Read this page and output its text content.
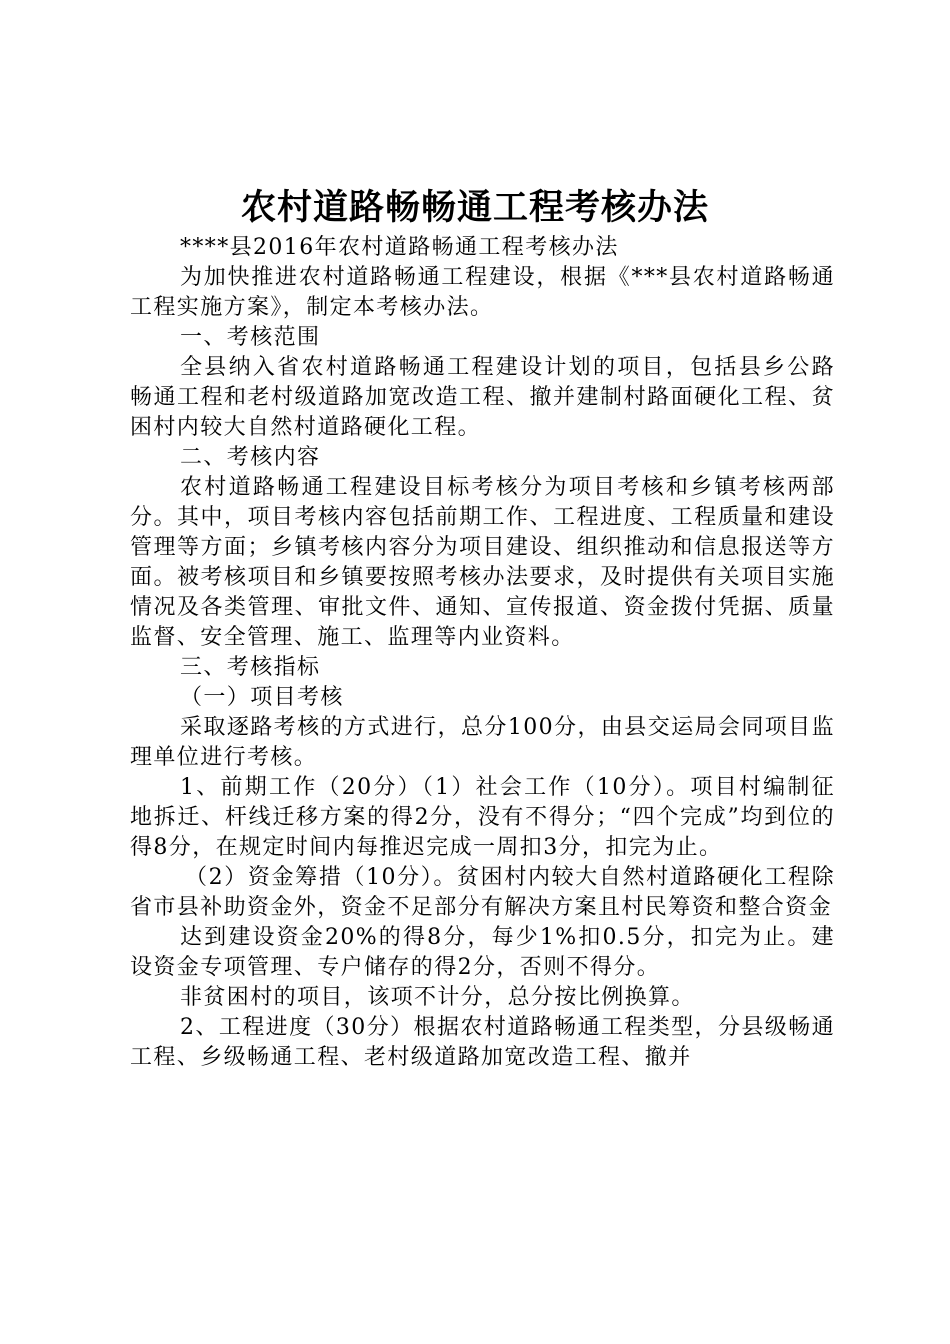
农村道路畅畅通工程考核办法

****县2016年农村道路畅通工程考核办法

为加快推进农村道路畅通工程建设，根据《***县农村道路畅通工程实施方案》，制定本考核办法。

一、考核范围

全县纳入省农村道路畅通工程建设计划的项目，包括县乡公路畅通工程和老村级道路加宽改造工程、撤并建制村路面硬化工程、贫困村内较大自然村道路硬化工程。

二、考核内容

农村道路畅通工程建设目标考核分为项目考核和乡镇考核两部分。其中，项目考核内容包括前期工作、工程进度、工程质量和建设管理等方面；乡镇考核内容分为项目建设、组织推动和信息报送等方面。被考核项目和乡镇要按照考核办法要求，及时提供有关项目实施情况及各类管理、审批文件、通知、宣传报道、资金拨付凭据、质量监督、安全管理、施工、监理等内业资料。

三、考核指标

（一）项目考核

采取逐路考核的方式进行，总分100分，由县交运局会同项目监理单位进行考核。

1、前期工作（20分）（1）社会工作（10分）。项目村编制征地拆迁、杆线迁移方案的得2分，没有不得分；“四个完成”均到位的得8分，在规定时间内每推迟完成一周扣3分，扣完为止。

（2）资金筹措（10分）。贫困村内较大自然村道路硬化工程除省市县补助资金外，资金不足部分有解决方案且村民筹资和整合资金

达到建设资金20%的得8分，每少1%扣0.5分，扣完为止。建设资金专项管理、专户储存的得2分，否则不得分。

非贫困村的项目，该项不计分，总分按比例换算。

2、工程进度（30分）根据农村道路畅通工程类型，分县级畅通工程、乡级畅通工程、老村级道路加宽改造工程、撤并
